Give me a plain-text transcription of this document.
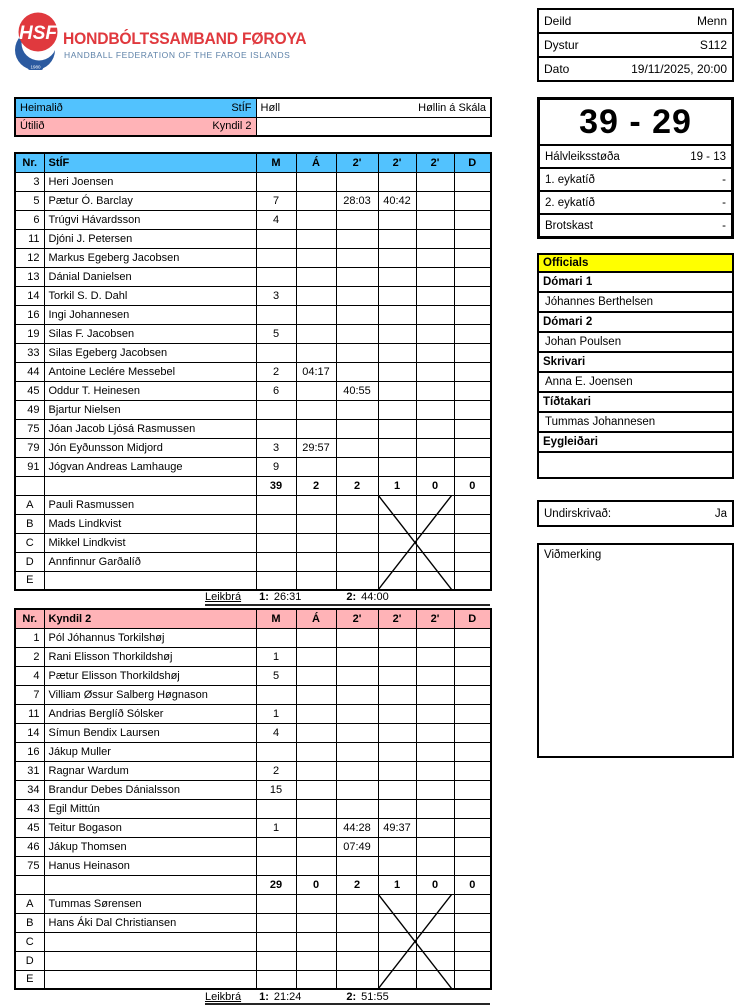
1980
HSF HONDBÓLTSSAMBAND FØROYA
HANDBALL FEDERATION OF THE FAROE ISLANDS
Deild	Menn
Dystur	S112
Dato	19/11/2025, 20:00
39 - 29
Hálvleiksstøða	19 - 13
1. eykatíð	-
2. eykatíð	-
Brotskast	-
Officials
Dómari 1
Jóhannes Berthelsen
Dómari 2
Johan Poulsen
Skrivari
Anna E. Joensen
Tíðtakari
Tummas Johannesen
Eygleiðari
Undirskrivað:	Ja
Viðmerking
Heimalið StÍF	Høll Høllin á Skála

Útilið Kyndil 2	

Nr.	StÍF	M	Á	2'	2'	2'	D
3	Heri Joensen						
5	Pætur Ó. Barclay	7		28:03	40:42		
6	Trúgvi Hávardsson	4					
11	Djóni J. Petersen						
12	Markus Egeberg Jacobsen						
13	Dánial Danielsen						
14	Torkil S. D. Dahl	3					
16	Ingi Johannesen						
19	Silas F. Jacobsen	5					
33	Silas Egeberg Jacobsen						
44	Antoine Leclére Messebel	2	04:17				
45	Oddur T. Heinesen	6		40:55			
49	Bjartur Nielsen						
75	Jóan Jacob Ljósá Rasmussen						
79	Jón Eyðunsson Midjord	3	29:57				
91	Jógvan Andreas Lamhauge	9					
		39	2	2	1	0	0
A	Pauli Rasmussen						
B	Mads Lindkvist						
C	Mikkel Lindkvist						
D	Annfinnur Garðalíð						
E							
Leikbrá 1: 26:31	2: 44:00
Nr.	Kyndil 2	M	Á	2'	2'	2'	D
1	Pól Jóhannus Torkilshøj						
2	Rani Elisson Thorkildshøj	1					
4	Pætur Elisson Thorkildshøj	5					
7	Villiam Øssur Salberg Høgnason						
11	Andrias Berglíð Sólsker	1					
14	Símun Bendix Laursen	4					
16	Jákup Muller						
31	Ragnar Wardum	2					
34	Brandur Debes Dánialsson	15					
43	Egil Mittún						
45	Teitur Bogason	1		44:28	49:37		
46	Jákup Thomsen			07:49			
75	Hanus Heinason						
		29	0	2	1	0	0
A	Tummas Sørensen						
B	Hans Áki Dal Christiansen						
C							
D							
E							
Leikbrá 1: 21:24	2: 51:55
